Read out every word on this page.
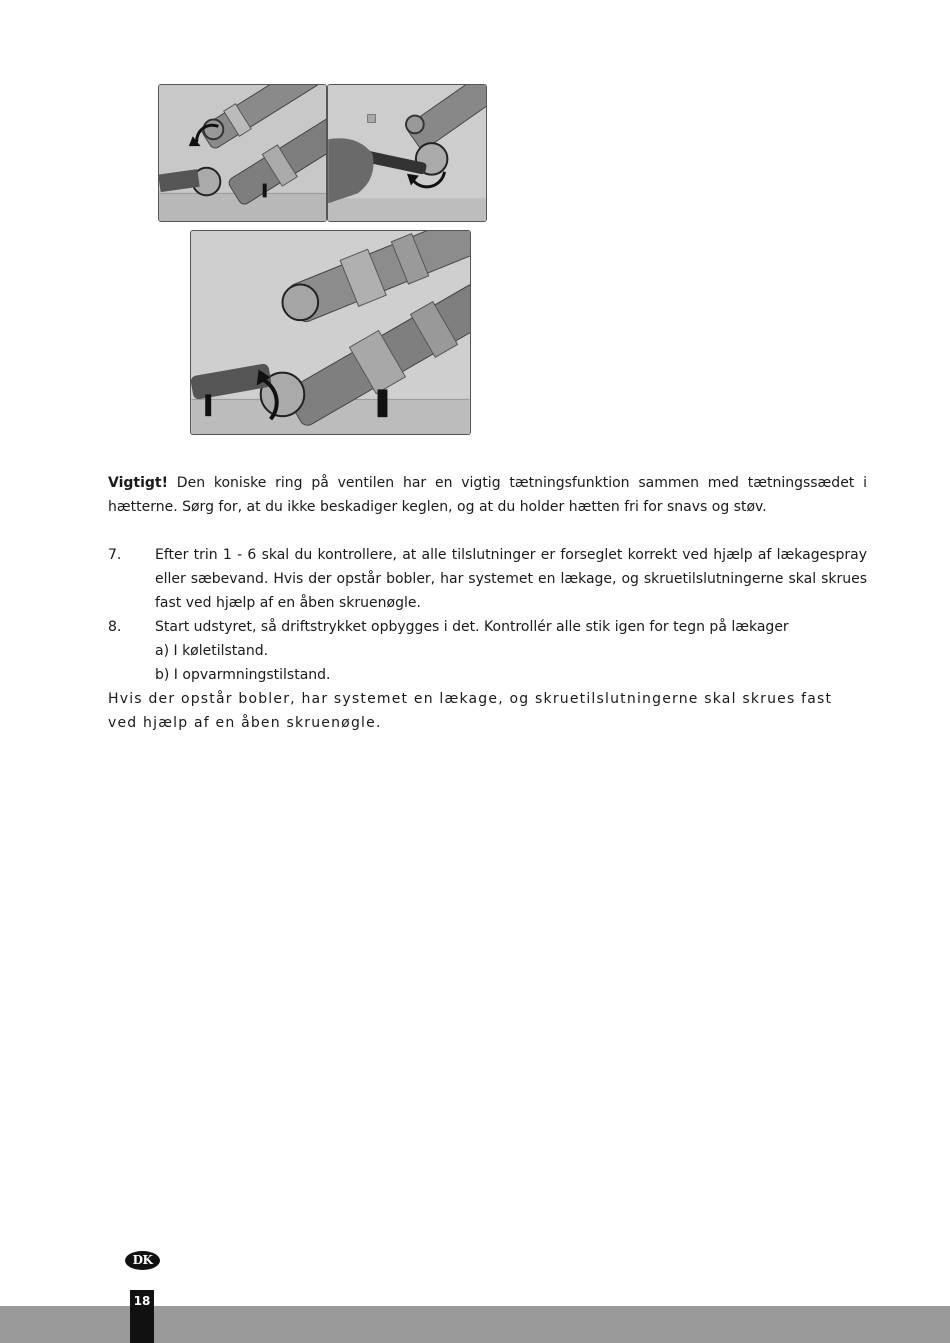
Vigtigt! Den koniske ring på ventilen har en vigtig tætningsfunktion sammen med tætningssædet i hætterne. Sørg for, at du ikke beskadiger keglen, og at du holder hætten fri for snavs og støv.
7. Efter trin 1 - 6 skal du kontrollere, at alle tilslutninger er forseglet korrekt ved hjælp af lækagespray eller sæbevand. Hvis der opstår bobler, har systemet en lækage, og skruetilslutningerne skal skrues fast ved hjælp af en åben skruenøgle.
8. Start udstyret, så driftstrykket opbygges i det. Kontrollér alle stik igen for tegn på lækager
a) I køletilstand.
b) I opvarmningstilstand.
Hvis der opstår bobler, har systemet en lækage, og skruetilslutningerne skal skrues fast ved hjælp af en åben skruenøgle.
DK
18
